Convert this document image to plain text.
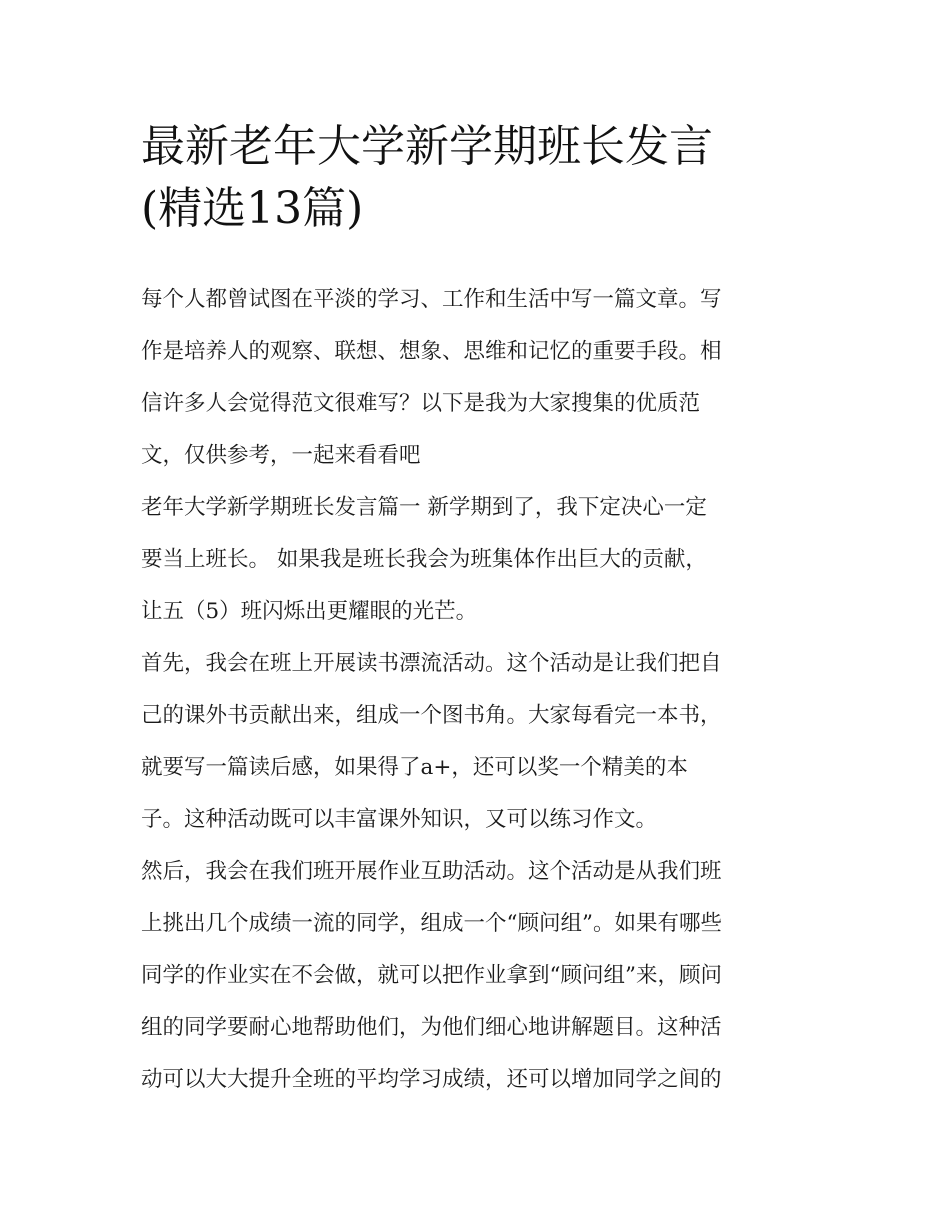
最新老年大学新学期班长发言
(精选13篇)
每个人都曾试图在平淡的学习、工作和生活中写一篇文章。写
作是培养人的观察、联想、想象、思维和记忆的重要手段。相
信许多人会觉得范文很难写？以下是我为大家搜集的优质范
文，仅供参考，一起来看看吧
老年大学新学期班长发言篇一 新学期到了，我下定决心一定
要当上班长。 如果我是班长我会为班集体作出巨大的贡献，
让五（5）班闪烁出更耀眼的光芒。
首先，我会在班上开展读书漂流活动。这个活动是让我们把自
己的课外书贡献出来，组成一个图书角。大家每看完一本书，
就要写一篇读后感，如果得了a+，还可以奖一个精美的本
子。这种活动既可以丰富课外知识，又可以练习作文。
然后，我会在我们班开展作业互助活动。这个活动是从我们班
上挑出几个成绩一流的同学，组成一个“顾问组”。如果有哪些
同学的作业实在不会做，就可以把作业拿到“顾问组”来，顾问
组的同学要耐心地帮助他们，为他们细心地讲解题目。这种活
动可以大大提升全班的平均学习成绩，还可以增加同学之间的
